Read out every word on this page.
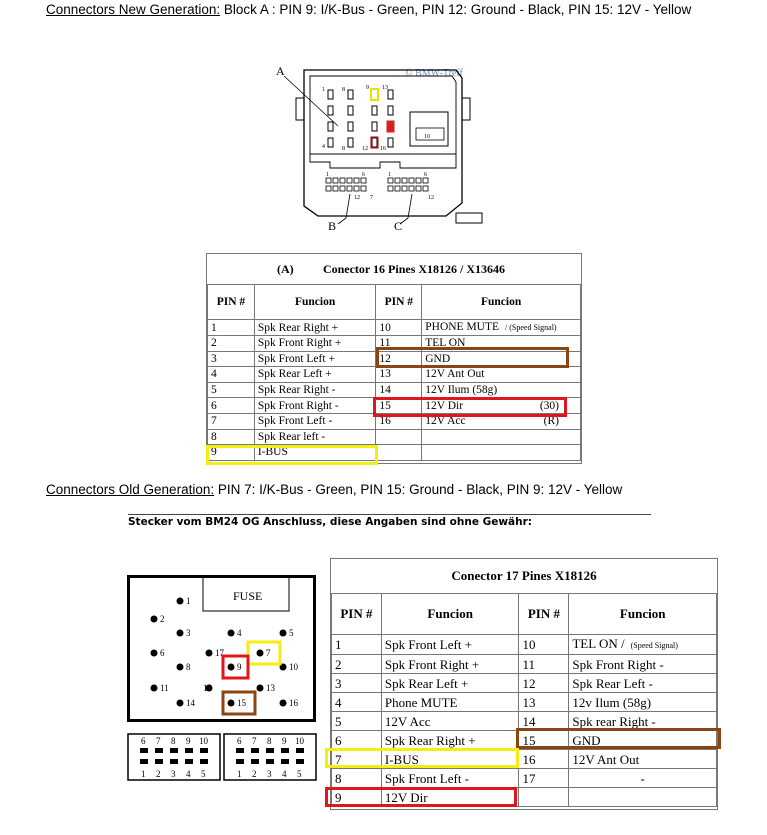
Connectors New Generation: Block A : PIN 9: I/K-Bus - Green, PIN 12: Ground - Black, PIN 15: 12V - Yellow
A	© BMW-Treff
1	8	9 13
4	8	12 16
10
1	6
12 7
1	6
12
B	C
(A) Conector 16 Pines X18126 / X13646
PIN #	Funcion	PIN #	Funcion
1	Spk Rear Right +	10	PHONE MUTE / (Speed Signal)
2	Spk Front Right +	11	TEL ON

3	Spk Front Left +	12	GND

4	Spk Rear Left +	13	12V Ant Out

5	Spk Rear Right -	14	12V Ilum (58g)

6	Spk Front Right -	15	12V Dir (30)

7	Spk Front Left -	16	12V Acc (R)

8	Spk Rear left -		

9	I-BUS		
Connectors Old Generation: PIN 7: I/K-Bus - Green, PIN 15: Ground - Black, PIN 9: 12V - Yellow
Stecker vom BM24 OG Anschluss, diese Angaben sind ohne Gewähr:
FUSE
1
2
3	4	5
6	17	7
8	9	10
11	12	13
14	15	16
6 7 8 9 10
1 2 3 4 5
6 7 8 9 10
1 2 3 4 5
Conector 17 Pines X18126
PIN #	Funcion	PIN #	Funcion
1	Spk Front Left +	10	TEL ON / (Speed Signal)
2	Spk Front Right +	11	Spk Front Right -

3	Spk Rear Left +	12	Spk Rear Left -

4	Phone MUTE	13	12v Ilum (58g)

5	12V Acc	14	Spk rear Right -

6	Spk Rear Right +	15	GND

7	I-BUS	16	12V Ant Out

8	Spk Front Left -	17	-

9	12V Dir		
